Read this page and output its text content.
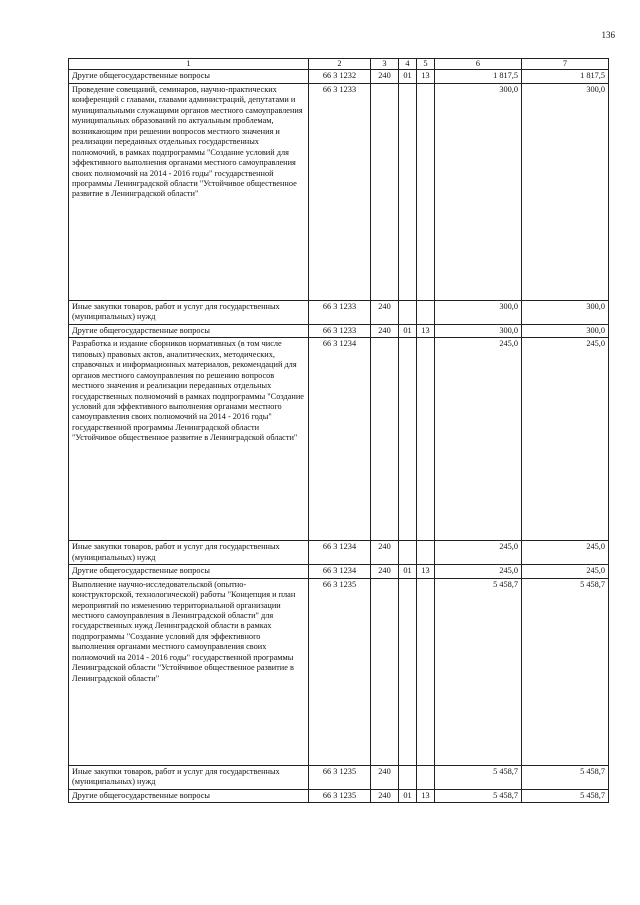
136
1	2	3	4	5	6	7
Другие общегосударственные вопросы	66 3 1232	240	01	13	1 817,5	1 817,5
Проведение совещаний, семинаров, научно-практических конференций с главами, главами администраций, депутатами и муниципальными служащими органов местного самоуправления муниципальных образований по актуальным проблемам, возникающим при решении вопросов местного значения и реализации переданных отдельных государственных полномочий, в рамках подпрограммы "Создание условий для эффективного выполнения органами местного самоуправления своих полномочий на 2014 - 2016 годы" государственной программы Ленинградской области "Устойчивое общественное развитие в Ленинградской области"	66 3 1233				300,0	300,0
Иные закупки товаров, работ и услуг для государственных (муниципальных) нужд	66 3 1233	240			300,0	300,0
Другие общегосударственные вопросы	66 3 1233	240	01	13	300,0	300,0
Разработка и издание сборников нормативных (в том числе типовых) правовых актов, аналитических, методических, справочных и информационных материалов, рекомендаций для органов местного самоуправления по решению вопросов местного значения и реализации переданных отдельных государственных полномочий в рамках подпрограммы "Создание условий для эффективного выполнения органами местного самоуправления своих полномочий на 2014 - 2016 годы" государственной программы Ленинградской области "Устойчивое общественное развитие в Ленинградской области"	66 3 1234				245,0	245,0
Иные закупки товаров, работ и услуг для государственных (муниципальных) нужд	66 3 1234	240			245,0	245,0
Другие общегосударственные вопросы	66 3 1234	240	01	13	245,0	245,0
Выполнение научно-исследовательской (опытно-конструкторской, технологической) работы "Концепция и план мероприятий по изменению территориальной организации местного самоуправления в Ленинградской области" для государственных нужд Ленинградской области в рамках подпрограммы "Создание условий для эффективного выполнения органами местного самоуправления своих полномочий на 2014 - 2016 годы" государственной программы Ленинградской области "Устойчивое общественное развитие в Ленинградской области"	66 3 1235				5 458,7	5 458,7
Иные закупки товаров, работ и услуг для государственных (муниципальных) нужд	66 3 1235	240			5 458,7	5 458,7
Другие общегосударственные вопросы	66 3 1235	240	01	13	5 458,7	5 458,7
